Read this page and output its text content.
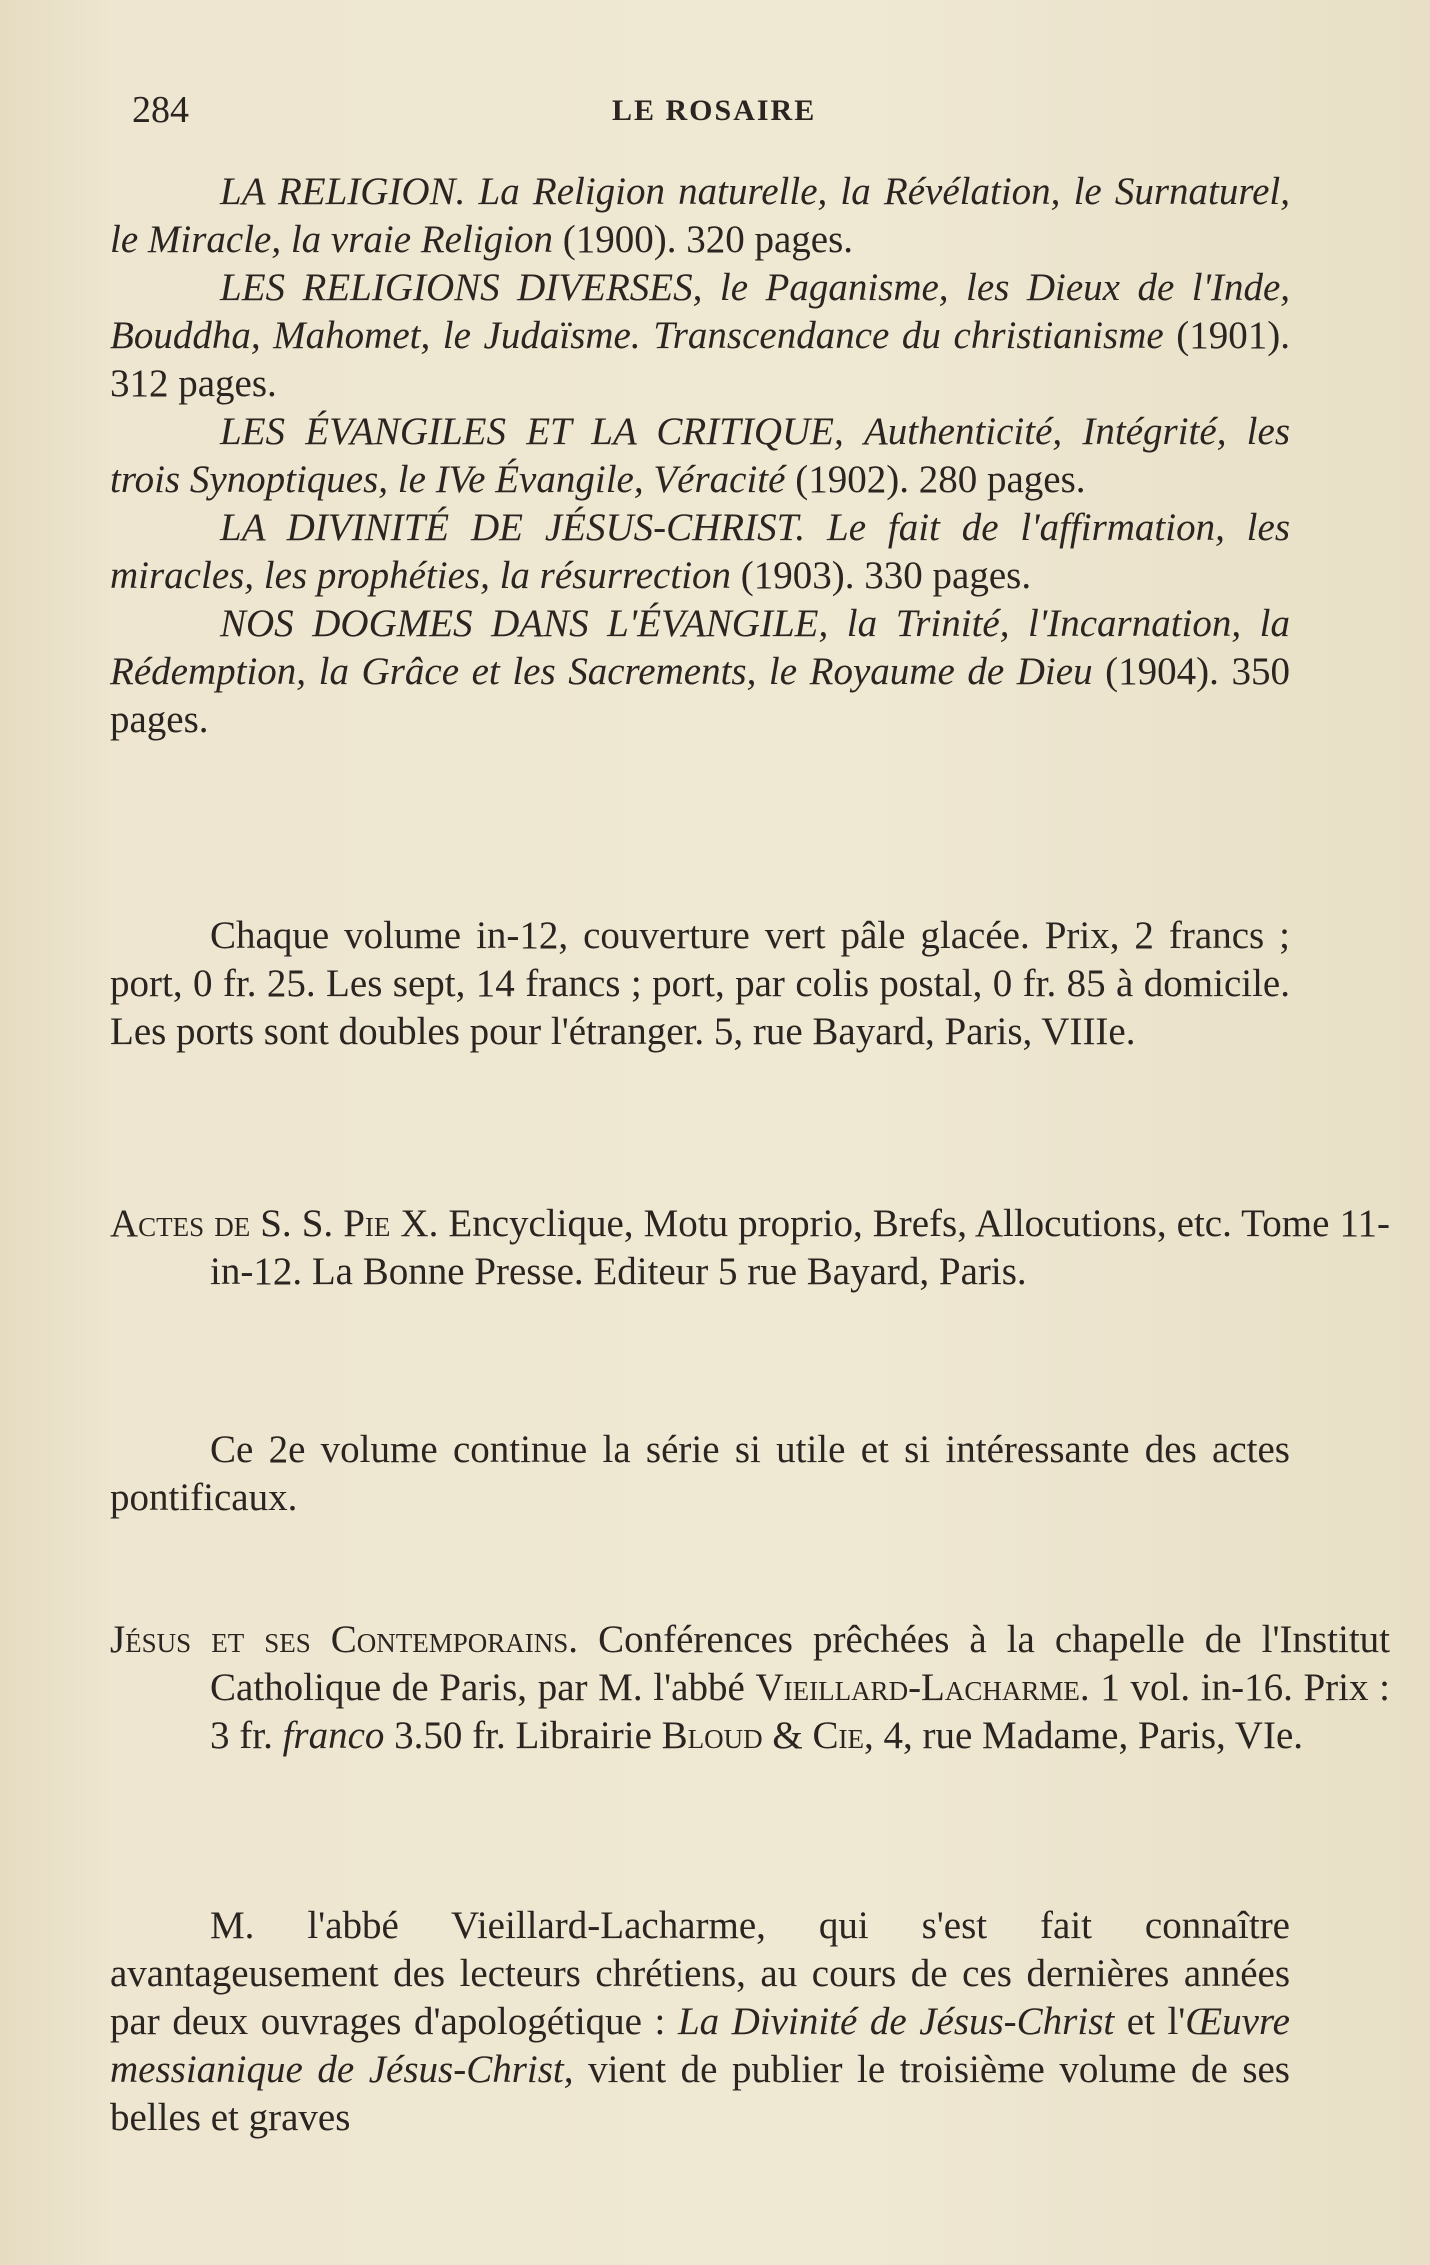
284	LE ROSAIRE

LA RELIGION. La Religion naturelle, la Révélation, le Surnaturel, le Miracle, la vraie Religion (1900). 320 pages.

LES RELIGIONS DIVERSES, le Paganisme, les Dieux de l'Inde, Bouddha, Mahomet, le Judaïsme. Transcendance du christianisme (1901). 312 pages.

LES ÉVANGILES ET LA CRITIQUE, Authenticité, Intégrité, les trois Synoptiques, le IVe Évangile, Véracité (1902). 280 pages.

LA DIVINITÉ DE JÉSUS-CHRIST. Le fait de l'affirmation, les miracles, les prophéties, la résurrection (1903). 330 pages.

NOS DOGMES DANS L'ÉVANGILE, la Trinité, l'Incarnation, la Rédemption, la Grâce et les Sacrements, le Royaume de Dieu (1904). 350 pages.

Chaque volume in-12, couverture vert pâle glacée. Prix, 2 francs ; port, 0 fr. 25. Les sept, 14 francs ; port, par colis postal, 0 fr. 85 à domicile. Les ports sont doubles pour l'étranger. 5, rue Bayard, Paris, VIIIe.

Actes de S. S. Pie X. Encyclique, Motu proprio, Brefs, Allocutions, etc. Tome 11-in-12. La Bonne Presse. Editeur 5 rue Bayard, Paris.

Ce 2e volume continue la série si utile et si intéressante des actes pontificaux.

Jésus et ses Contemporains. Conférences prêchées à la chapelle de l'Institut Catholique de Paris, par M. l'abbé Vieillard-Lacharme. 1 vol. in-16. Prix : 3 fr. franco 3.50 fr. Librairie Bloud & Cie, 4, rue Madame, Paris, VIe.

M. l'abbé Vieillard-Lacharme, qui s'est fait connaître avantageusement des lecteurs chrétiens, au cours de ces dernières années par deux ouvrages d'apologétique : La Divinité de Jésus-Christ et l'Œuvre messianique de Jésus-Christ, vient de publier le troisième volume de ses belles et graves
